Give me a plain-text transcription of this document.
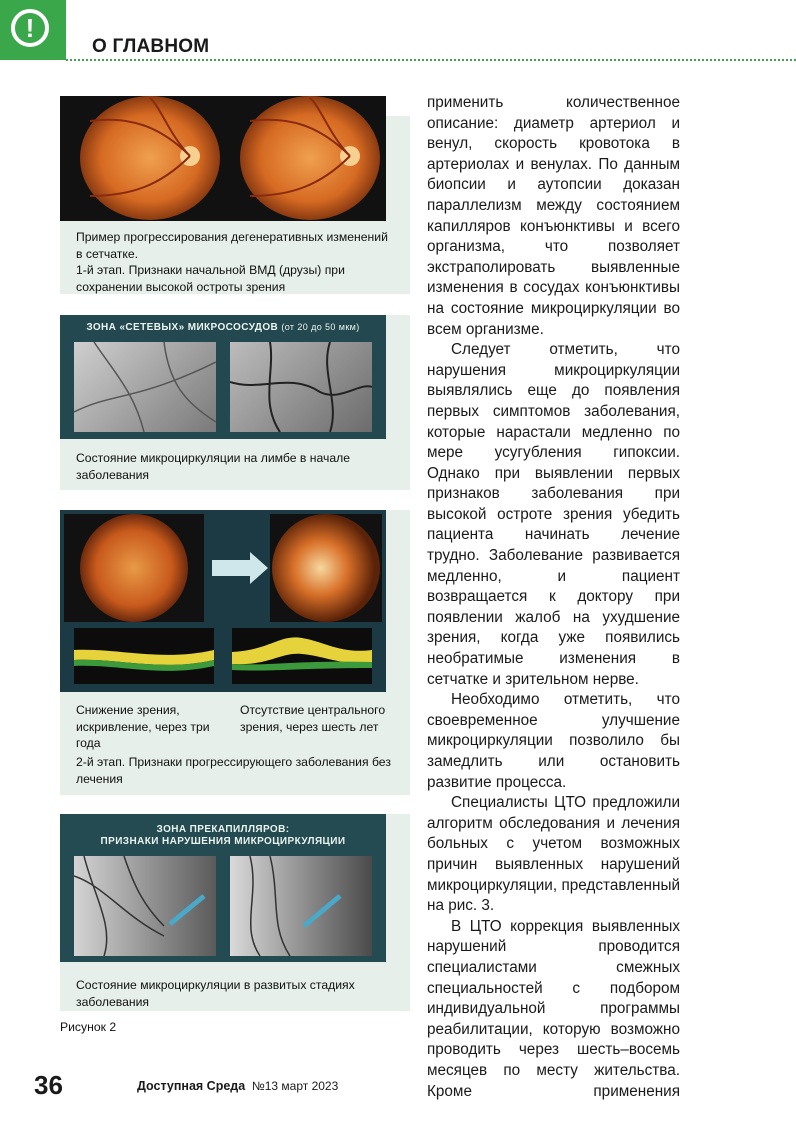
!
О ГЛАВНОМ
Пример прогрессирования дегенеративных изменений в сетчатке.
1-й этап. Признаки начальной ВМД (друзы) при сохранении высокой остроты зрения
ЗОНА «СЕТЕВЫХ» МИКРОСОСУДОВ (от 20 до 50 мкм)
Состояние микроциркуляции на лимбе в начале заболевания
Снижение зрения, искривление, через три года
Отсутствие центрального зрения, через шесть лет
2-й этап. Признаки прогрессирующего заболевания без лечения
ЗОНА ПРЕКАПИЛЛЯРОВ:
ПРИЗНАКИ НАРУШЕНИЯ МИКРОЦИРКУЛЯЦИИ
Состояние микроциркуляции в развитых стадиях заболевания
Рисунок 2

применить количественное описание: диаметр артериол и венул, скорость кровотока в артериолах и венулах. По данным биопсии и аутопсии доказан параллелизм между состоянием капилляров конъюнктивы и всего организма, что позволяет экстраполировать выявленные изменения в сосудах конъюнктивы на состояние микроциркуляции во всем организме.

Следует отметить, что нарушения микроциркуляции выявлялись еще до появления первых симптомов заболевания, которые нарастали медленно по мере усугубления гипоксии. Однако при выявлении первых признаков заболевания при высокой остроте зрения убедить пациента начинать лечение трудно. Заболевание развивается медленно, и пациент возвращается к доктору при появлении жалоб на ухудшение зрения, когда уже появились необратимые изменения в сетчатке и зрительном нерве.

Необходимо отметить, что своевременное улучшение микроциркуляции позволило бы замедлить или остановить развитие процесса.

Специалисты ЦТО предложили алгоритм обследования и лечения больных с учетом возможных причин выявленных нарушений микроциркуляции, представленный на рис. 3.

В ЦТО коррекция выявленных нарушений проводится специалистами смежных специальностей с подбором индивидуальной программы реабилитации, которую возможно проводить через шесть–восемь месяцев по месту жительства. Кроме применения

36	Доступная Среда №13 март 2023
